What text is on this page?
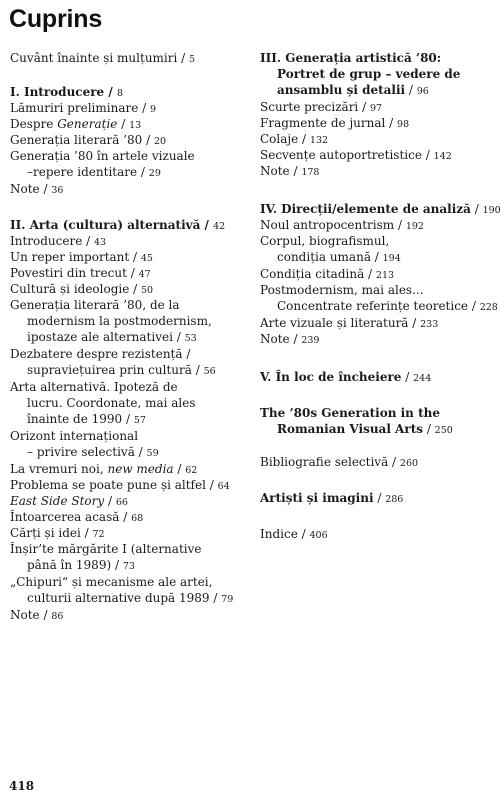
Cuprins
Cuvânt înainte și mulțumiri / 5
I. Introducere / 8
Lămuriri preliminare / 9
Despre Generație / 13
Generația literară ’80 / 20
Generația ’80 în artele vizuale
–repere identitare / 29
Note / 36
II. Arta (cultura) alternativă / 42
Introducere / 43
Un reper important / 45
Povestiri din trecut / 47
Cultură și ideologie / 50
Generația literară ’80, de la
modernism la postmodernism,
ipostaze ale alternativei / 53
Dezbatere despre rezistență /
supraviețuirea prin cultură / 56
Arta alternativă. Ipoteză de
lucru. Coordonate, mai ales
înainte de 1990 / 57
Orizont internațional
– privire selectivă / 59
La vremuri noi, new media / 62
Problema se poate pune și altfel / 64
East Side Story / 66
Întoarcerea acasă / 68
Cărți și idei / 72
Înșir’te mărgărite I (alternative
până în 1989) / 73
„Chipuri“ și mecanisme ale artei,
culturii alternative după 1989 / 79
Note / 86
III. Generația artistică ’80:
Portret de grup – vedere de
ansamblu și detalii / 96
Scurte precizări / 97
Fragmente de jurnal / 98
Colaje / 132
Secvențe autoportretistice / 142
Note / 178
IV. Direcții/elemente de analiză / 190
Noul antropocentrism / 192
Corpul, biografismul,
condiția umană / 194
Condiția citadină / 213
Postmodernism, mai ales...
Concentrate referințe teoretice / 228
Arte vizuale și literatură / 233
Note / 239
V. În loc de încheiere / 244
The ’80s Generation in the
Romanian Visual Arts / 250
Bibliografie selectivă / 260
Artiști și imagini / 286
Indice / 406
418
